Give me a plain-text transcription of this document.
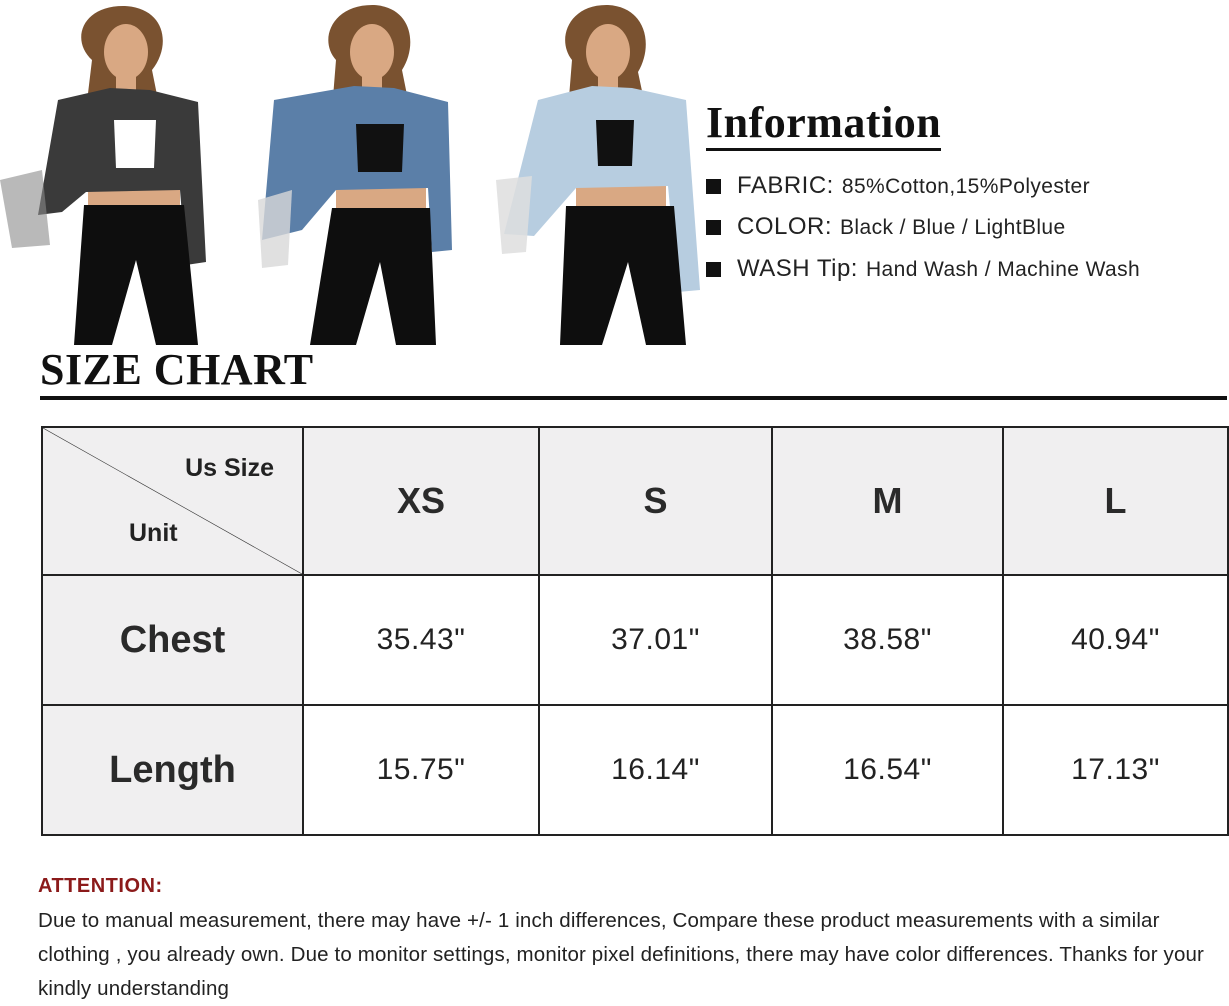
Information
FABRIC: 85%Cotton,15%Polyester
COLOR: Black / Blue / LightBlue
WASH Tip: Hand Wash / Machine Wash
SIZE CHART
Us Size
Unit	XS	S	M	L
Chest	35.43"	37.01"	38.58"	40.94"
Length	15.75"	16.14"	16.54"	17.13"
ATTENTION:
Due to manual measurement, there may have +/- 1 inch differences, Compare these product measurements with a similar clothing , you already own. Due to monitor settings, monitor pixel definitions, there may have color differences. Thanks for your kindly understanding
